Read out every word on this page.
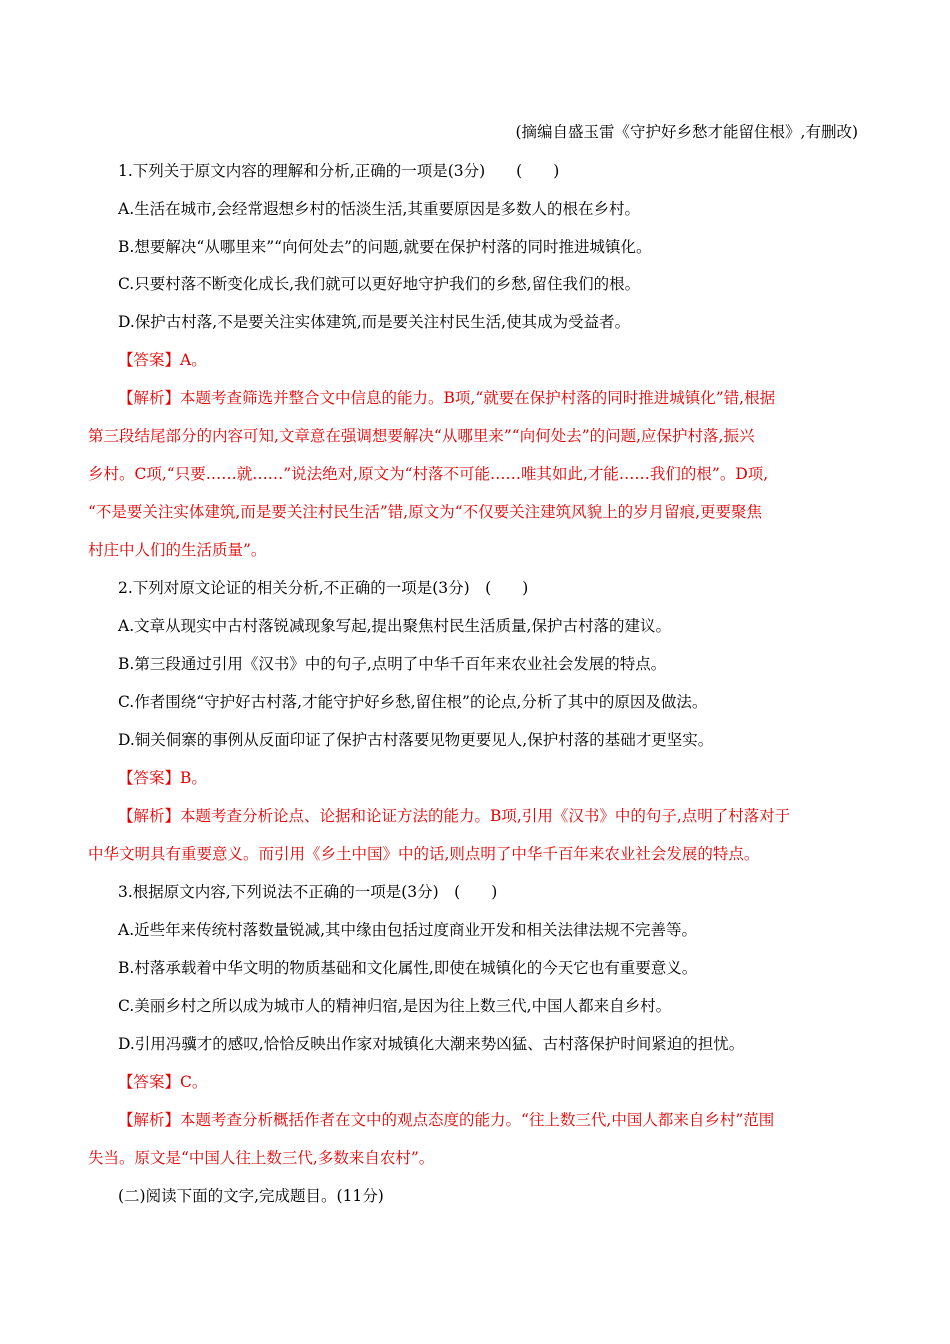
(摘编自盛玉雷《守护好乡愁才能留住根》,有删改)
1.下列关于原文内容的理解和分析,正确的一项是(3分)　　(　　)
A.生活在城市,会经常遐想乡村的恬淡生活,其重要原因是多数人的根在乡村。
B.想要解决“从哪里来”“向何处去”的问题,就要在保护村落的同时推进城镇化。
C.只要村落不断变化成长,我们就可以更好地守护我们的乡愁,留住我们的根。
D.保护古村落,不是要关注实体建筑,而是要关注村民生活,使其成为受益者。
【答案】A。
【解析】本题考查筛选并整合文中信息的能力。B项,“就要在保护村落的同时推进城镇化”错,根据
第三段结尾部分的内容可知,文章意在强调想要解决“从哪里来”“向何处去”的问题,应保护村落,振兴
乡村。C项,“只要……就……”说法绝对,原文为“村落不可能……唯其如此,才能……我们的根”。D项,
“不是要关注实体建筑,而是要关注村民生活”错,原文为“不仅要关注建筑风貌上的岁月留痕,更要聚焦
村庄中人们的生活质量”。
2.下列对原文论证的相关分析,不正确的一项是(3分)　(　　)
A.文章从现实中古村落锐减现象写起,提出聚焦村民生活质量,保护古村落的建议。
B.第三段通过引用《汉书》中的句子,点明了中华千百年来农业社会发展的特点。
C.作者围绕“守护好古村落,才能守护好乡愁,留住根”的论点,分析了其中的原因及做法。
D.铜关侗寨的事例从反面印证了保护古村落要见物更要见人,保护村落的基础才更坚实。
【答案】B。
【解析】本题考查分析论点、论据和论证方法的能力。B项,引用《汉书》中的句子,点明了村落对于
中华文明具有重要意义。而引用《乡土中国》中的话,则点明了中华千百年来农业社会发展的特点。
3.根据原文内容,下列说法不正确的一项是(3分)　(　　)
A.近些年来传统村落数量锐减,其中缘由包括过度商业开发和相关法律法规不完善等。
B.村落承载着中华文明的物质基础和文化属性,即使在城镇化的今天它也有重要意义。
C.美丽乡村之所以成为城市人的精神归宿,是因为往上数三代,中国人都来自乡村。
D.引用冯骥才的感叹,恰恰反映出作家对城镇化大潮来势凶猛、古村落保护时间紧迫的担忧。
【答案】C。
【解析】本题考查分析概括作者在文中的观点态度的能力。“往上数三代,中国人都来自乡村”范围
失当。原文是“中国人往上数三代,多数来自农村”。
(二)阅读下面的文字,完成题目。(11分)
